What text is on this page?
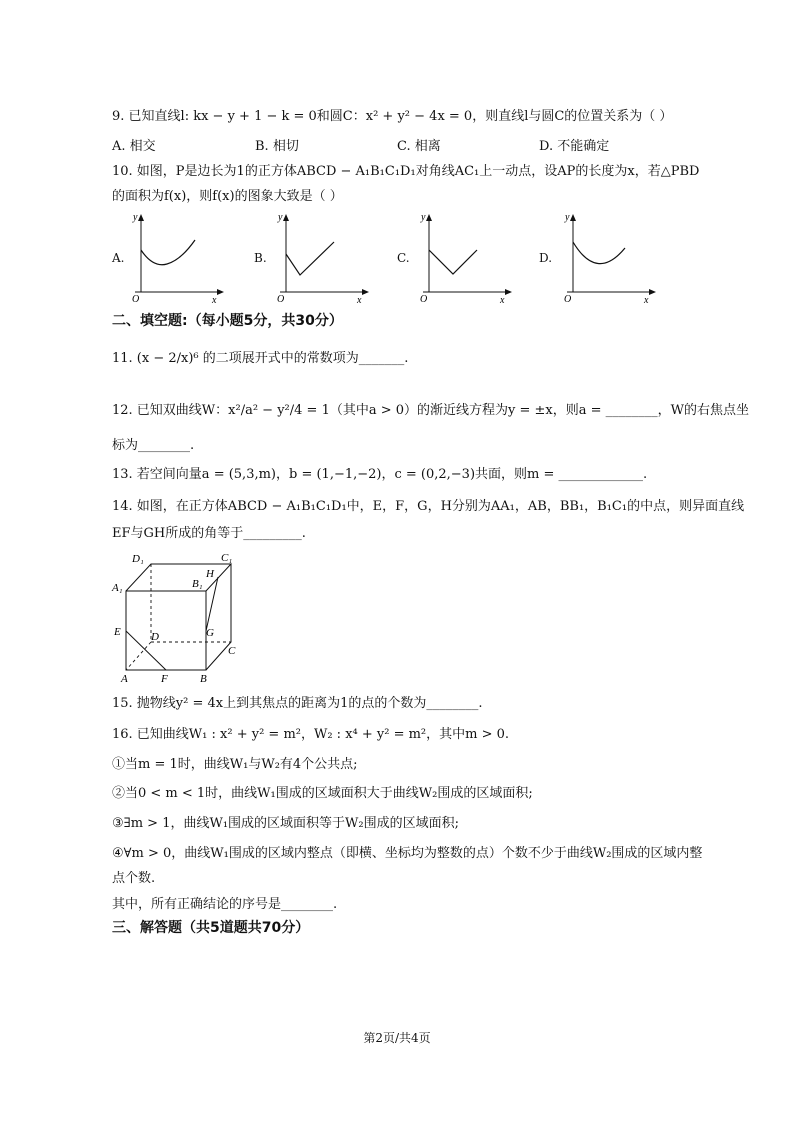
9. 已知直线l: kx − y + 1 − k = 0和圆C：x² + y² − 4x = 0，则直线l与圆C的位置关系为（ ）
A. 相交	B. 相切	C. 相离	D. 不能确定
10. 如图，P是边长为1的正方体ABCD − A₁B₁C₁D₁对角线AC₁上一动点，设AP的长度为x，若△PBD
的面积为f(x)，则f(x)的图象大致是（ ）
A.
y
x
O
B.
y
x
O
C.
y
x
O
D.
y
x
O
二、填空题:（每小题5分，共30分）
11. (x − 2/x)⁶ 的二项展开式中的常数项为_______.
12. 已知双曲线W：x²/a² − y²/4 = 1（其中a > 0）的渐近线方程为y = ±x，则a = ________，W的右焦点坐
标为________.
13. 若空间向量a = (5,3,m)，b = (1,−1,−2)，c = (0,2,−3)共面，则m = _____________.
14. 如图，在正方体ABCD − A₁B₁C₁D₁中，E，F，G，H分别为AA₁，AB，BB₁，B₁C₁的中点，则异面直线
EF与GH所成的角等于_________.
D₁	C₁
H
A₁	B₁
E	D	G
C
A	F	B
15. 抛物线y² = 4x上到其焦点的距离为1的点的个数为________.
16. 已知曲线W₁ : x² + y² = m²，W₂ : x⁴ + y² = m²，其中m > 0.
①当m = 1时，曲线W₁与W₂有4个公共点;
②当0 < m < 1时，曲线W₁围成的区域面积大于曲线W₂围成的区域面积;
③∃m > 1，曲线W₁围成的区域面积等于W₂围成的区域面积;
④∀m > 0，曲线W₁围成的区域内整点（即横、坐标均为整数的点）个数不少于曲线W₂围成的区域内整
点个数.
其中，所有正确结论的序号是________.
三、解答题（共5道题共70分）
第2页/共4页
